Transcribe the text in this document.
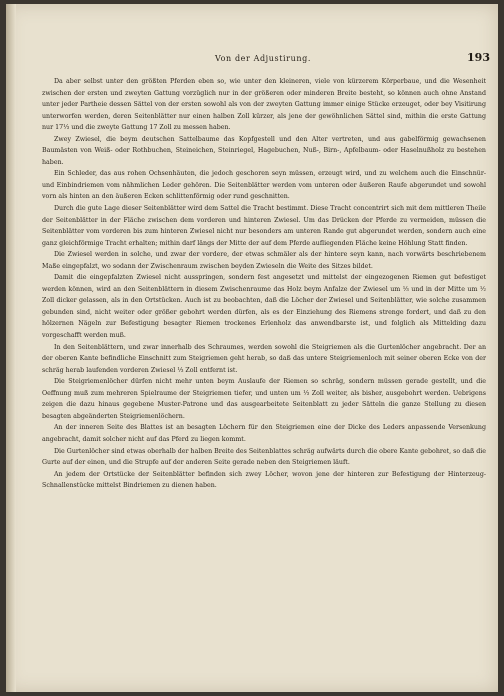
Von der Adjustirung.	193

Da aber selbst unter den größten Pferden eben so, wie unter den kleineren, viele von kürzerem Körperbaue, und die Wesenheit zwischen der ersten und zweyten Gattung vorzüglich nur in der größeren oder minderen Breite besteht, so können auch ohne Anstand unter jeder Partheie dessen Sättel von der ersten sowohl als von der zweyten Gattung immer einige Stücke erzeuget, oder bey Visitirung unterworfen werden, deren Seitenblätter nur einen halben Zoll kürzer, als jene der gewöhnlichen Sättel sind, mithin die erste Gattung nur 17⅓ und die zweyte Gattung 17 Zoll zu messen haben.

Zwey Zwiesel, die beym deutschen Sattelbaume das Kopfgestell und den Alter vertreten, und aus gabelförmig gewachsenen Baumästen von Weiß- oder Rothbuchen, Steineichen, Steinriegel, Hagebuchen, Nuß-, Birn-, Apfelbaum- oder Haselnußholz zu bestehen haben.

Ein Schleder, das aus rohen Ochsenhäuten, die jedoch geschoren seyn müssen, erzeugt wird, und zu welchem auch die Einschnür- und Einbindriemen vom nähmlichen Leder gehören. Die Seitenblätter werden vom unteren oder äußeren Raufe abgerundet und sowohl vorn als hinten an den äußeren Ecken schlittenförmig oder rund geschnitten.

Durch die gute Lage dieser Seitenblätter wird dem Sattel die Tracht bestimmt. Diese Tracht concentrirt sich mit dem mittleren Theile der Seitenblätter in der Fläche zwischen dem vorderen und hinteren Zwiesel. Um das Drücken der Pferde zu vermeiden, müssen die Seitenblätter vom vorderen bis zum hinteren Zwiesel nicht nur besonders am unteren Rande gut abgerundet werden, sondern auch eine ganz gleichförmige Tracht erhalten; mithin darf längs der Mitte der auf dem Pferde aufliegenden Fläche keine Höhlung Statt finden.

Die Zwiesel werden in solche, und zwar der vordere, der etwas schmäler als der hintere seyn kann, nach vorwärts beschriebenem Maße eingepfalzt, wo sodann der Zwischenraum zwischen beyden Zwieseln die Weite des Sitzes bildet.

Damit die eingepfalzten Zwiesel nicht ausspringen, sondern fest angesetzt und mittelst der eingezogenen Riemen gut befestiget werden können, wird an den Seitenblättern in diesem Zwischenraume das Holz beym Anfalze der Zwiesel um ⅓ und in der Mitte um ½ Zoll dicker gelassen, als in den Ortstücken. Auch ist zu beobachten, daß die Löcher der Zwiesel und Seitenblätter, wie solche zusammen gebunden sind, nicht weiter oder größer gebohrt werden dürfen, als es der Einziehung des Riemens strenge fordert, und daß zu den hölzernen Nägeln zur Befestigung besagter Riemen trockenes Erlenholz das anwendbarste ist, und folglich als Mittelding dazu vorgeschafft werden muß.

In den Seitenblättern, und zwar innerhalb des Schraumes, werden sowohl die Steigriemen als die Gurtenlöcher angebracht. Der an der oberen Kante befindliche Einschnitt zum Steigriemen geht herab, so daß das untere Steigriemenloch mit seiner oberen Ecke von der schräg herab laufenden vorderen Zwiesel ⅓ Zoll entfernt ist.

Die Steigriemenlöcher dürfen nicht mehr unten beym Auslaufe der Riemen so schräg, sondern müssen gerade gestellt, und die Oeffnung muß zum mehreren Spielraume der Steigriemen tiefer, und unten um ⅓ Zoll weiter, als bisher, ausgebohrt werden. Uebrigens zeigen die dazu hinaus gegebene Muster-Patrone und das ausgearbeitete Seitenblatt zu jeder Sätteln die ganze Stellung zu diesen besagten abgeänderten Steigriemenlöchern.

An der inneren Seite des Blattes ist an besagten Löchern für den Steigriemen eine der Dicke des Leders anpassende Versenkung angebracht, damit solcher nicht auf das Pferd zu liegen kommt.

Die Gurtenlöcher sind etwas oberhalb der halben Breite des Seitenblattes schräg aufwärts durch die obere Kante gebohret, so daß die Gurte auf der einen, und die Strupfe auf der anderen Seite gerade neben den Steigriemen läuft.

An jedem der Ortstücke der Seitenblätter befinden sich zwey Löcher, wovon jene der hinteren zur Befestigung der Hinterzeug-Schnallenstücke mittelst Bindriemen zu dienen haben.
